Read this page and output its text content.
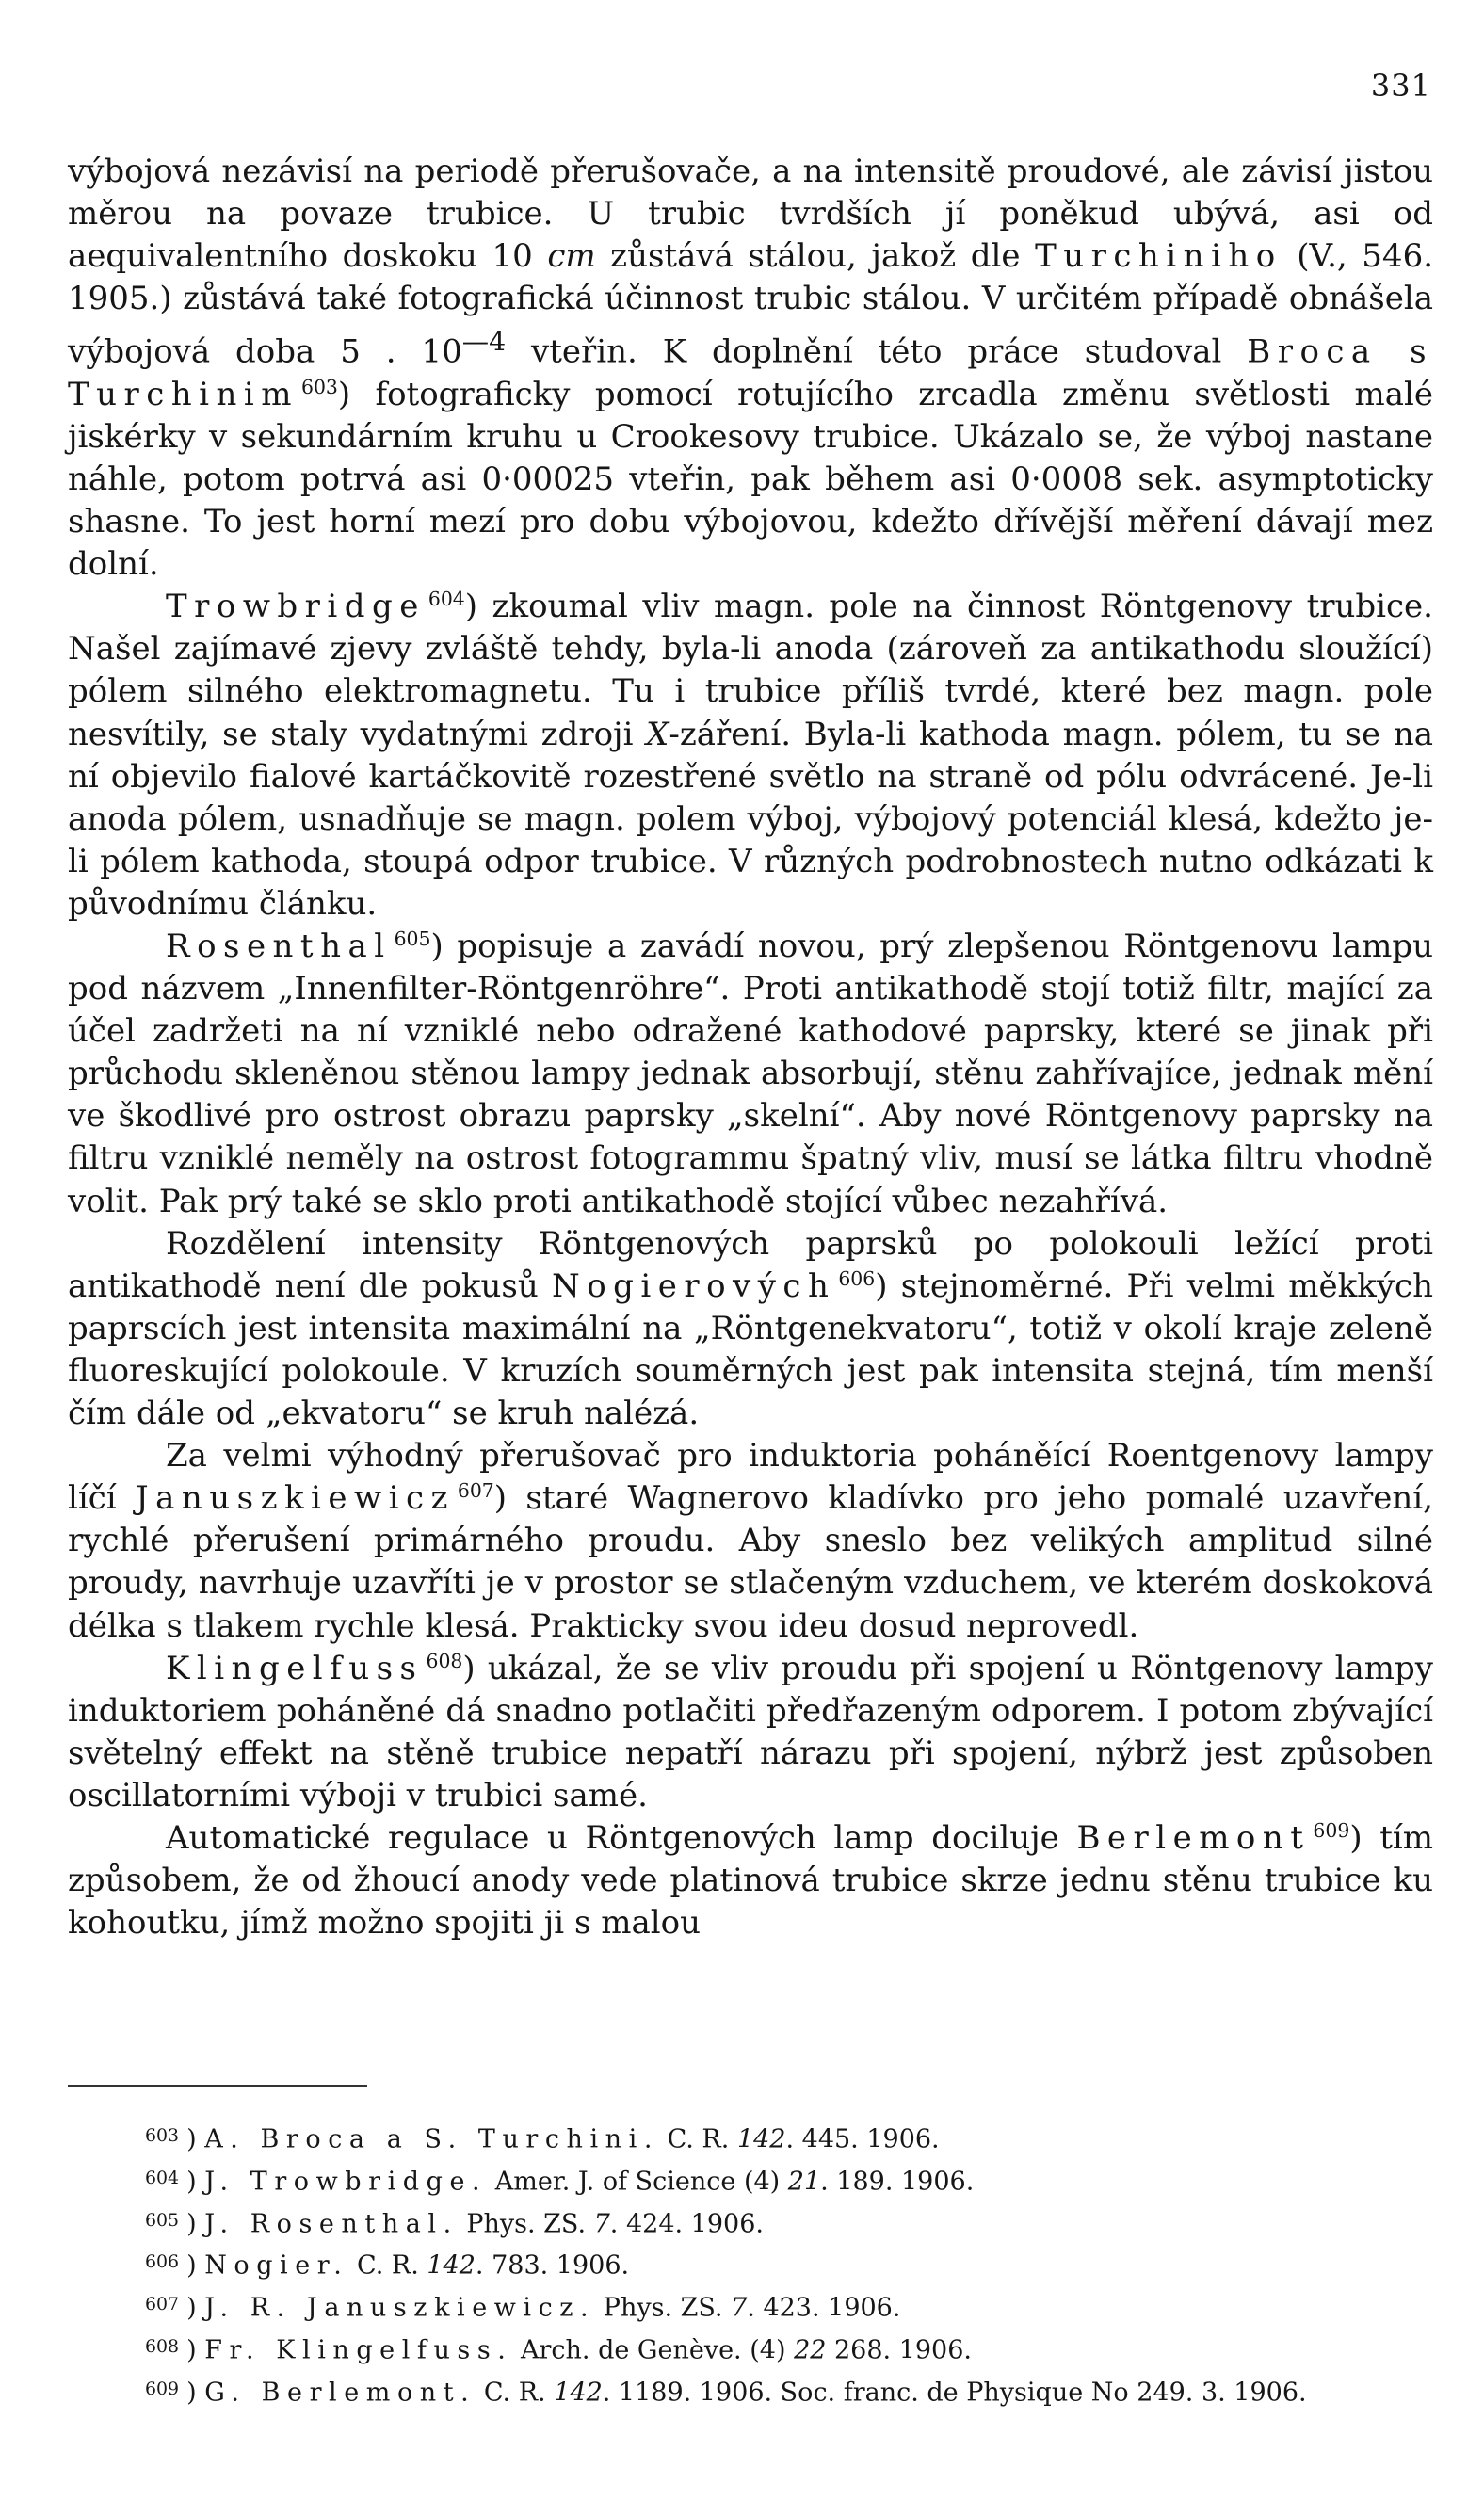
331

výbojová nezávisí na periodě přerušovače, a na intensitě proudové, ale závisí jistou měrou na povaze trubice. U trubic tvrdších jí poněkud ubývá, asi od aequivalentního doskoku 10 cm zůstává stálou, jakož dle Turchiniho (V., 546. 1905.) zůstává také fotografická účinnost trubic stálou. V určitém případě obnášela výbojová doba 5 . $10^{—4}$ vteřin. K doplnění této práce studoval Broca s Turchinim $^{603}$) fotograficky pomocí rotujícího zrcadla změnu světlosti malé jiskérky v sekundárním kruhu u Crookesovy trubice. Ukázalo se, že výboj nastane náhle, potom potrvá asi 0·00025 vteřin, pak během asi 0·0008 sek. asymptoticky shasne. To jest horní mezí pro dobu výbojovou, kdežto dřívější měření dávají mez dolní.

Trowbridge $^{604}$) zkoumal vliv magn. pole na činnost Röntgenovy trubice. Našel zajímavé zjevy zvláště tehdy, byla-li anoda (zároveň za antikathodu sloužící) pólem silného elektromagnetu. Tu i trubice příliš tvrdé, které bez magn. pole nesvítily, se staly vydatnými zdroji X-záření. Byla-li kathoda magn. pólem, tu se na ní objevilo fialové kartáčkovitě rozestřené světlo na straně od pólu odvrácené. Je-li anoda pólem, usnadňuje se magn. polem výboj, výbojový potenciál klesá, kdežto je-li pólem kathoda, stoupá odpor trubice. V různých podrobnostech nutno odkázati k původnímu článku.

Rosenthal $^{605}$) popisuje a zavádí novou, prý zlepšenou Röntgenovu lampu pod názvem „Innenfilter-Röntgenröhre“. Proti antikathodě stojí totiž filtr, mající za účel zadržeti na ní vzniklé nebo odražené kathodové paprsky, které se jinak při průchodu skleněnou stěnou lampy jednak absorbují, stěnu zahřívajíce, jednak mění ve škodlivé pro ostrost obrazu paprsky „skelní“. Aby nové Röntgenovy paprsky na filtru vzniklé neměly na ostrost fotogrammu špatný vliv, musí se látka filtru vhodně volit. Pak prý také se sklo proti antikathodě stojící vůbec nezahřívá.

Rozdělení intensity Röntgenových paprsků po polokouli ležící proti antikathodě není dle pokusů Nogierových $^{606}$) stejnoměrné. Při velmi měkkých paprscích jest intensita maximální na „Röntgenekvatoru“, totiž v okolí kraje zeleně fluoreskující polokoule. V kruzích souměrných jest pak intensita stejná, tím menší čím dále od „ekvatoru“ se kruh nalézá.

Za velmi výhodný přerušovač pro induktoria poháněící Roentgenovy lampy líčí Januszkiewicz $^{607}$) staré Wagnerovo kladívko pro jeho pomalé uzavření, rychlé přerušení primárného proudu. Aby sneslo bez velikých amplitud silné proudy, navrhuje uzavříti je v prostor se stlačeným vzduchem, ve kterém doskoková délka s tlakem rychle klesá. Prakticky svou ideu dosud neprovedl.

Klingelfuss $^{608}$) ukázal, že se vliv proudu při spojení u Röntgenovy lampy induktoriem poháněné dá snadno potlačiti předřazeným odporem. I potom zbývající světelný effekt na stěně trubice nepatří nárazu při spojení, nýbrž jest způsoben oscillatorními výboji v trubici samé.

Automatické regulace u Röntgenových lamp dociluje Berlemont $^{609}$) tím způsobem, že od žhoucí anody vede platinová trubice skrze jednu stěnu trubice ku kohoutku, jímž možno spojiti ji s malou

$^{603}$ ) A. Broca a S. Turchini. C. R. 142. 445. 1906.
$^{604}$ ) J. Trowbridge. Amer. J. of Science (4) 21. 189. 1906.
$^{605}$ ) J. Rosenthal. Phys. ZS. 7. 424. 1906.
$^{606}$ ) Nogier. C. R. 142. 783. 1906.
$^{607}$ ) J. R. Januszkiewicz. Phys. ZS. 7. 423. 1906.
$^{608}$ ) Fr. Klingelfuss. Arch. de Genève. (4) 22 268. 1906.
$^{609}$ ) G. Berlemont. C. R. 142. 1189. 1906. Soc. franc. de Physique No 249. 3. 1906.
